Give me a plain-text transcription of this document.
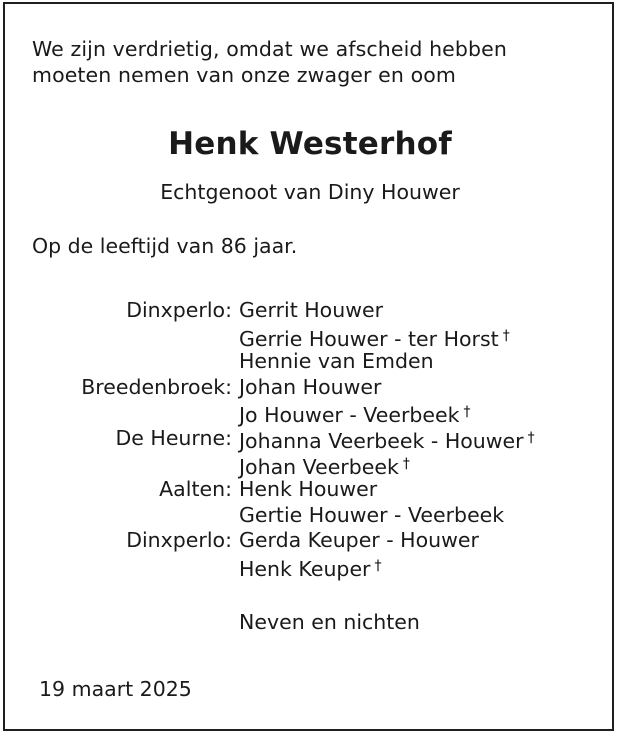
We zijn verdrietig, omdat we afscheid hebben
moeten nemen van onze zwager en oom
Henk Westerhof
Echtgenoot van Diny Houwer
Op de leeftijd van 86 jaar.
Dinxperlo: Gerrit Houwer
Gerrie Houwer - ter Horst †
Hennie van Emden
Breedenbroek: Johan Houwer
Jo Houwer - Veerbeek †
De Heurne: Johanna Veerbeek - Houwer †
Johan Veerbeek †
Aalten: Henk Houwer
Gertie Houwer - Veerbeek
Dinxperlo: Gerda Keuper - Houwer
Henk Keuper †
Neven en nichten
19 maart 2025
